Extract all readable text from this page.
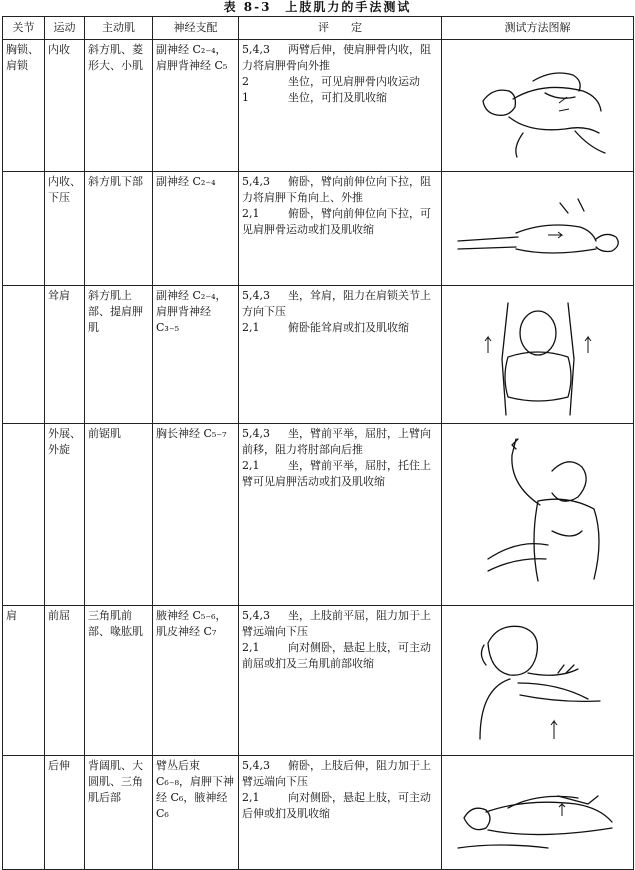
表 8-3　上肢肌力的手法测试
关节	运动	主动肌	神经支配	评　　定	测试方法图解
胸锁、肩锁	内收	斜方肌、菱形大、小肌	副神经 C₂₋₄，肩胛背神经 C₅	5,4,3 两臂后伸，使肩胛骨内收，阻力将肩胛骨向外推
2 坐位，可见肩胛骨内收运动
1 坐位，可扪及肌收缩

	内收、下压	斜方肌下部	副神经 C₂₋₄	5,4,3 俯卧，臂向前伸位向下拉，阻力将肩胛下角向上、外推
2,1 俯卧，臂向前伸位向下拉，可见肩胛骨运动或扪及肌收缩

	耸肩	斜方肌上部、提肩胛肌	副神经 C₂₋₄，肩胛背神经 C₃₋₅	5,4,3 坐，耸肩，阻力在肩锁关节上方向下压
2,1 俯卧能耸肩或扪及肌收缩

	外展、外旋	前锯肌	胸长神经 C₅₋₇	5,4,3 坐，臂前平举，屈肘，上臂向前移，阻力将肘部向后推
2,1 坐，臂前平举，屈肘，托住上臂可见肩胛活动或扪及肌收缩

肩	前屈	三角肌前部、喙肱肌	腋神经 C₅₋₆，肌皮神经 C₇	5,4,3 坐，上肢前平屈，阻力加于上臂远端向下压
2,1 向对侧卧，悬起上肢，可主动前屈或扪及三角肌前部收缩

	后伸	背阔肌、大圆肌、三角肌后部	臂丛后束 C₆₋₈，肩胛下神经 C₆，腋神经 C₆	5,4,3 俯卧，上肢后伸，阻力加于上臂远端向下压
2,1 向对侧卧，悬起上肢，可主动后伸或扪及肌收缩
